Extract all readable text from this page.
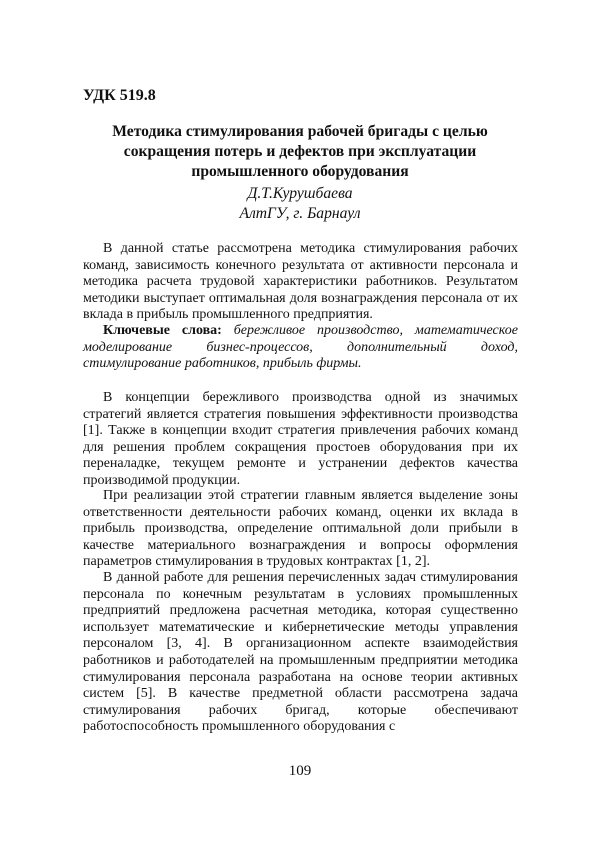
УДК 519.8
Методика стимулирования рабочей бригады с целью сокращения потерь и дефектов при эксплуатации промышленного оборудования
Д.Т.Курушбаева
АлтГУ, г. Барнаул

В данной статье рассмотрена методика стимулирования рабочих команд, зависимость конечного результата от активности персонала и методика расчета трудовой характеристики работников. Результатом методики выступает оптимальная доля вознаграждения персонала от их вклада в прибыль промышленного предприятия.

Ключевые слова: бережливое производство, математическое моделирование бизнес-процессов, дополнительный доход, стимулирование работников, прибыль фирмы.

В концепции бережливого производства одной из значимых стратегий является стратегия повышения эффективности производства [1]. Также в концепции входит стратегия привлечения рабочих команд для решения проблем сокращения простоев оборудования при их переналадке, текущем ремонте и устранении дефектов качества производимой продукции.

При реализации этой стратегии главным является выделение зоны ответственности деятельности рабочих команд, оценки их вклада в прибыль производства, определение оптимальной доли прибыли в качестве материального вознаграждения и вопросы оформления параметров стимулирования в трудовых контрактах [1, 2].

В данной работе для решения перечисленных задач стимулирования персонала по конечным результатам в условиях промышленных предприятий предложена расчетная методика, которая существенно использует математические и кибернетические методы управления персоналом [3, 4]. В организационном аспекте взаимодействия работников и работодателей на промышленным предприятии методика стимулирования персонала разработана на основе теории активных систем [5]. В качестве предметной области рассмотрена задача стимулирования рабочих бригад, которые обеспечивают работоспособность промышленного оборудования с

109
